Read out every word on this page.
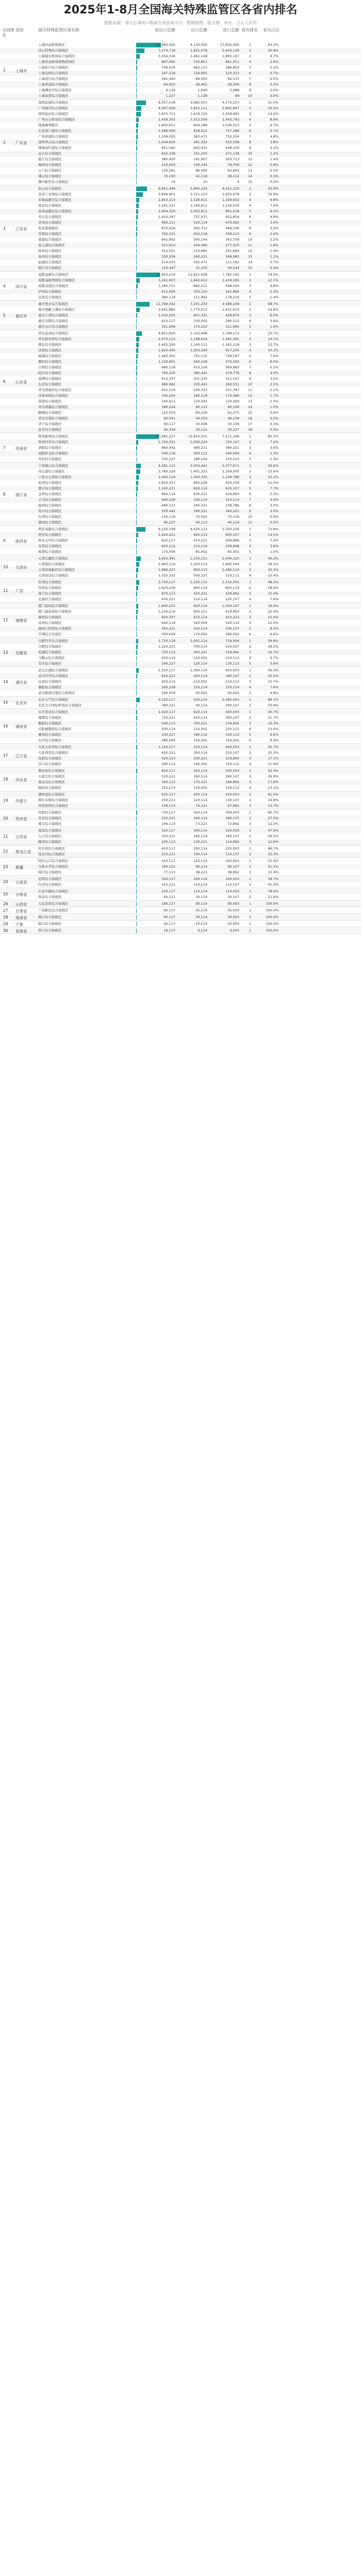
2025年1-8月全国海关特殊监管区各省内排名
数据来源：海关总署统计数据在线查询平台；整理制图：报关圈；单位：万元人民币
全国排名
省份	海关特殊监管区域名称	进出口总额	出口总额	进口总额 省内排名	省内占比
上海外高桥保税区	21,960,000	4,130,000	17,830,000	1	63.2%
洋山特殊综合保税区	7,274,718	1,831,579	5,443,139	2	20.9%
上海浦东机场综合保税区	3,356,336	1,461,149	1,895,187	3	9.7%
上海外高桥保税物流园区	897,262	235,851	661,411	4	2.6%
上海松江综合保税区	749,034	462,131	286,903	5	2.2%
上海金桥综合保税区	247,218	126,905	120,313	6	0.7%
上海闵行综合保税区	181,440	89,303	92,137	7	0.5%
上海青浦综合保税区	64,910	36,402	28,508	8	0.2%
上海漕河泾综合保税区	4,128	1,640	2,488	9	0.0%
上海奉贤综合保税区	1,227	1,128	99	10	0.0%
1	上海市
深圳前海综合保税区	8,557,018	3,982,001	4,575,017	1	31.0%
广州南沙综合保税区	4,507,958	1,815,111	2,692,847	2	16.3%
深圳盐田综合保税区	3,975,711	1,616,720	2,358,991	3	14.4%
广州白云机场综合保税区	2,456,302	1,012,559	1,443,743	4	8.9%
珠海横琴新区	1,840,611	804,288	1,036,323	5	6.7%
东莞虎门港综合保税区	1,586,000	828,612	757,388	6	5.7%
广州黄埔综合保税区	1,336,025	583,471	752,554	7	4.8%
深圳坪山综合保税区	1,044,830	491,322	553,508	8	3.8%
珠海高栏港综合保税区	851,040	402,931	448,109	9	3.1%
汕头综合保税区	602,338	331,200	271,138	10	2.2%
湛江综合保税区	385,620	181,907	203,713	11	1.4%
梅州综合保税区	210,003	130,244	79,759	12	0.8%
江门综合保税区	150,281	86,440	63,841	13	0.5%
佛山综合保税区	70,230	42,118	28,112	14	0.3%
肇庆新区综合保税区	14	10	4	15	0.0%
2	广东省
昆山综合保税区	9,851,444	5,840,224	4,011,220	1	33.8%
苏州工业园综合保税区	5,806,901	3,151,223	2,655,678	2	19.9%
无锡高新区综合保税区	2,853,213	1,526,611	1,326,602	3	9.8%
南京综合保税区	2,291,337	1,160,811	1,130,526	4	7.9%
苏州高新区综合保税区	1,904,329	1,002,811	901,518	5	6.5%
吴江综合保税区	1,410,287	757,631	652,656	6	4.8%
常州综合保税区	990,211	520,119	470,092	7	3.4%
张家港保税区	870,418	402,312	468,106	8	3.0%
常熟综合保税区	760,331	402,118	358,213	9	2.6%
南通综合保税区	642,902	300,144	342,758	10	2.2%
连云港综合保税区	521,610	244,090	277,520	11	1.8%
扬州综合保税区	412,551	210,882	201,669	12	1.4%
泰州综合保税区	330,204	160,221	169,983	13	1.1%
盐城综合保税区	214,033	102,471	111,562	14	0.7%
镇江综合保税区	110,447	51,203	59,244	15	0.4%
3	江苏省
成都高新综合保税区	21,403,219	13,621,028	7,782,191	1	79.4%
成都高新西园综合保税区	3,261,807	1,842,612	1,419,195	2	12.1%
成都双流综合保税区	1,280,711	682,211	598,500	3	4.8%
泸州综合保税区	612,004	350,120	261,884	4	2.3%
宜宾综合保税区	390,118	211,902	178,216	5	1.4%
4	四川省
重庆西永综合保税区	11,790,342	7,201,233	4,589,109	1	68.7%
重庆两路寸滩综合保税区	3,401,882	1,770,212	1,631,670	2	19.8%
重庆江津综合保税区	1,030,205	601,331	428,874	3	6.0%
重庆涪陵综合保税区	610,117	330,002	280,115	4	3.6%
重庆永川综合保税区	321,908	170,223	151,685	5	1.9%
5	重庆市
青岛前湾综合保税区	4,851,620	2,103,448	2,748,172	1	25.7%
青岛胶州湾综合保税区	2,670,115	1,188,624	1,481,491	2	14.1%
烟台综合保税区	2,402,330	1,240,112	1,162,218	3	12.7%
济南综合保税区	1,920,445	1,003,240	917,205	4	10.2%
威海综合保税区	1,440,302	701,115	739,187	5	7.6%
潍坊综合保税区	1,130,821	560,228	570,593	6	6.0%
日照综合保税区	980,118	410,226	569,892	7	5.2%
临沂综合保税区	760,220	380,441	379,779	8	4.0%
淄博综合保税区	612,337	301,230	311,107	9	3.2%
东营综合保税区	480,992	220,441	260,551	10	2.5%
青岛西海岸综合保税区	402,118	200,331	201,787	11	2.1%
济南章锦综合保税区	330,204	160,118	170,086	12	1.7%
菏泽综合保税区	240,611	120,042	120,569	13	1.3%
青岛即墨综合保税区	180,224	90,115	90,109	14	1.0%
聊城综合保税区	122,503	60,228	62,275	15	0.6%
青岛空港综合保税区	90,441	44,203	46,238	16	0.5%
济宁综合保税区	60,117	30,008	30,109	17	0.3%
泰安综合保税区	40,339	20,112	20,227	18	0.2%
6	山东省
郑州新郑综合保税区	20,381,227	12,810,031	7,571,196	1	85.5%
郑州经开综合保税区	1,720,331	1,000,224	720,107	2	7.2%
洛阳综合保税区	860,442	480,221	380,221	3	3.6%
南阳卧龙综合保税区	540,118	300,112	240,006	4	2.3%
开封综合保税区	330,227	180,104	150,123	5	1.4%
7	河南省
宁波梅山综合保税区	4,281,112	2,003,441	2,277,671	1	26.6%
舟山港综合保税区	3,760,228	1,401,223	2,359,005	2	23.4%
宁波北仑港综合保税区	2,440,119	1,200,331	1,239,788	3	15.2%
杭州综合保税区	1,820,337	900,228	920,109	4	11.3%
嘉兴综合保税区	1,240,221	620,114	620,107	5	7.7%
金华综合保税区	860,114	430,221	429,893	6	5.3%
义乌综合保税区	640,228	330,114	310,114	7	4.0%
温州综合保税区	480,117	240,331	239,786	8	3.0%
绍兴综合保税区	320,442	160,221	160,221	9	2.0%
台州综合保税区	150,118	75,002	75,116	10	0.9%
湖州综合保税区	80,227	40,113	40,114	11	0.5%
8	浙江省
西安高新综合保税区	8,120,338	4,620,112	3,500,226	1	72.8%
西安综合保税区	1,620,221	820,114	800,107	2	14.5%
西安关中综合保税区	820,117	410,221	409,896	3	7.4%
宝鸡综合保税区	420,112	210,114	209,998	4	3.8%
杨凌综合保税区	170,004	85,002	85,002	5	1.5%
9	陕西省
天津东疆综合保税区	3,920,441	1,520,221	2,400,220	1	40.2%
天津港综合保税区	2,840,118	1,200,114	1,640,004	2	29.1%
天津滨海新区综合保税区	1,980,227	900,113	1,080,114	3	20.3%
天津泰达综合保税区	1,010,332	500,221	510,111	4	10.4%
10 天津市
钦州综合保税区	2,730,117	1,220,112	1,510,005	1	48.3%
凭祥综合保税区	1,620,228	800,114	820,114	2	28.6%
南宁综合保税区	870,113	430,221	439,892	3	15.4%
北海综合保税区	430,221	210,114	220,107	4	7.6%
11 广西
厦门象屿综合保税区	1,840,221	820,114	1,020,107	1	34.6%
厦门海沧港综合保税区	1,220,114	600,221	619,893	2	22.9%
福州综合保税区	820,337	410,114	410,223	3	15.4%
泉州综合保税区	640,118	320,004	320,114	4	12.0%
福州江阴港综合保税区	450,221	220,114	230,107	5	8.5%
平潭综合实验区	350,004	170,002	180,002	6	6.6%
12 福建省
合肥经开综合保税区	1,720,118	1,001,114	719,004	1	39.8%
合肥综合保税区	1,220,221	700,114	520,107	2	28.2%
芜湖综合保税区	720,113	400,221	319,892	3	16.7%
马鞍山综合保税区	420,114	210,002	210,112	4	9.7%
安庆综合保税区	240,227	120,114	120,113	5	5.6%
13 安徽省
武汉东湖综合保税区	2,220,117	1,300,114	920,003	1	56.3%
武汉经开综合保税区	810,221	420,114	390,107	2	20.5%
宜昌综合保税区	420,114	210,002	210,112	3	10.7%
襄阳综合保税区	300,228	150,114	150,114	4	7.6%
武汉新港空港综合保税区	190,004	95,002	95,002	5	4.8%
14 湖北省
北京天竺综合保税区	3,102,117	520,114	2,582,003	1	89.1%
北京大兴国际机场综合保税区	380,221	90,114	290,107	2	10.9%
15 北京市
长沙黄花综合保税区	1,020,117	620,114	400,003	1	30.7%
湘潭综合保税区	720,221	420,114	300,107	2	21.7%
衡阳综合保税区	540,113	300,221	239,892	3	16.3%
岳阳城陵矶综合保税区	430,114	210,002	220,112	4	13.0%
郴州综合保税区	330,227	180,114	150,113	5	9.9%
长沙综合保税区	280,004	140,002	140,002	6	8.4%
16 湖南省
大连大窑湾综合保税区	1,120,117	520,114	600,003	1	45.7%
大连湾里综合保税区	620,221	300,114	320,107	2	25.3%
沈阳综合保税区	420,113	200,221	219,892	3	17.1%
营口综合保税区	290,114	140,002	150,112	4	11.9%
17 辽宁省
曹妃甸综合保税区	820,117	320,114	500,003	1	42.4%
石家庄综合保税区	520,221	260,114	260,107	2	26.9%
秦皇岛综合保税区	340,113	170,221	169,892	3	17.6%
廊坊综合保税区	252,114	126,002	126,112	4	13.1%
18 河北省
满洲里综合保税区	620,117	200,114	420,003	1	61.5%
鄂尔多斯综合保税区	250,221	120,114	130,107	2	24.8%
呼和浩特综合保税区	138,113	70,221	67,892	3	13.7%
19 内蒙古
贵阳综合保税区	720,117	420,114	300,003	1	60.7%
贵安综合保税区	320,221	160,114	160,107	2	27.0%
遵义综合保税区	146,113	73,221	72,892	3	12.3%
20 贵州省
南昌综合保税区	520,117	300,114	220,003	1	47.9%
九江综合保税区	320,221	160,114	160,107	2	29.5%
赣州综合保税区	245,113	130,221	114,892	3	22.6%
21 江西省
哈尔滨综合保税区	420,117	200,114	220,003	1	66.7%
绥芬河综合保税区	210,221	100,114	110,107	2	33.3%
22 黑龙江省
阿拉山口综合保税区	320,117	120,114	200,003	1	55.4%
乌鲁木齐综合保税区	180,221	90,114	90,107	2	31.2%
喀什综合保税区	77,113	38,221	38,892	3	13.4%
23 新疆
昆明综合保税区	320,117	160,114	160,003	1	58.7%
红河综合保税区	225,221	110,114	115,107	2	41.3%
24 云南省
长春兴隆综合保税区	220,117	110,114	110,003	1	78.6%
珲春综合保税区	60,221	30,114	30,107	2	21.4%
25 吉林省
太原武宿综合保税区	180,117	90,114	90,003	1	100.0%
26 山西省
兰州新区综合保税区	90,117	45,114	45,003	1	100.0%
27 甘肃省
海口综合保税区	60,117	30,114	30,003	1	100.0%
28 海南省
银川综合保税区	40,117	20,114	20,003	1	100.0%
29 宁夏
西宁综合保税区	18,117	9,114	9,003	1	100.0%
30 青海省
